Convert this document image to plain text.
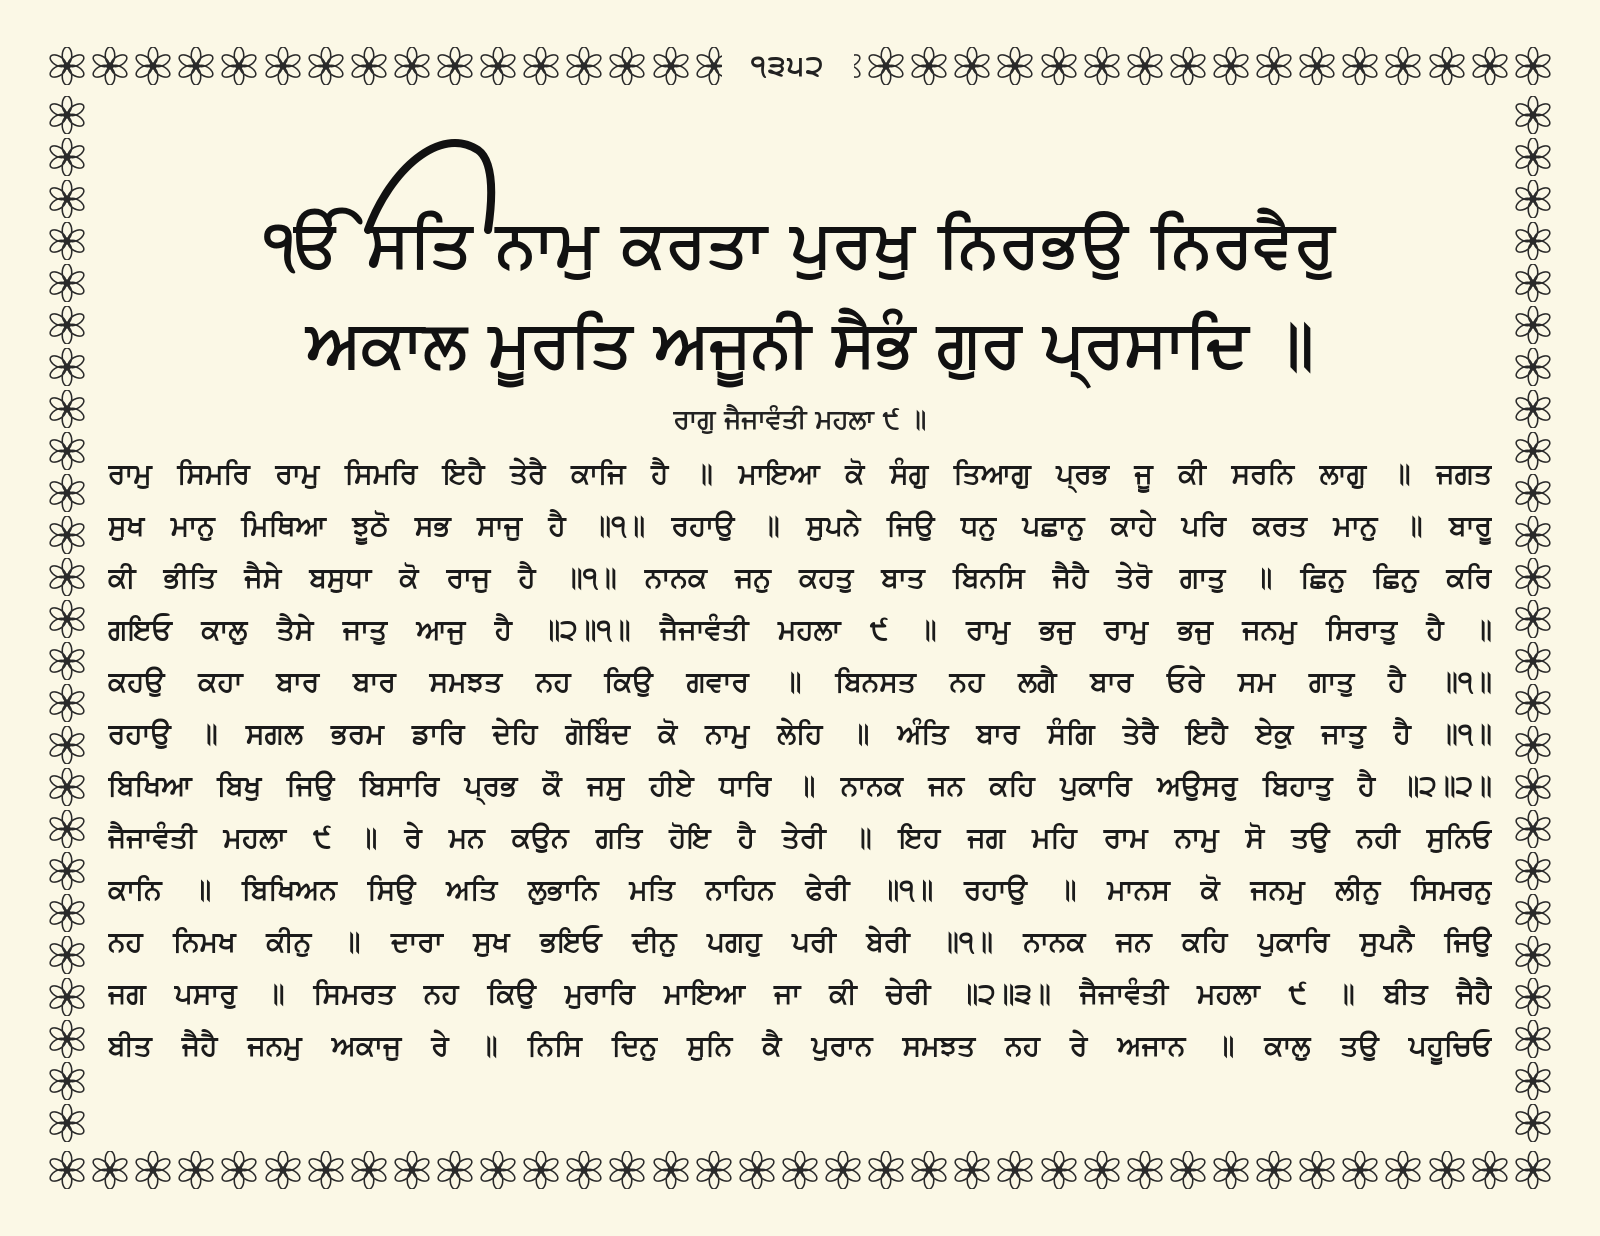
੧੩੫੨
ੴ ਸਤਿ ਨਾਮੁ ਕਰਤਾ ਪੁਰਖੁ ਨਿਰਭਉ ਨਿਰਵੈਰੁ
ਅਕਾਲ ਮੂਰਤਿ ਅਜੂਨੀ ਸੈਭੰ ਗੁਰ ਪ੍ਰਸਾਦਿ ॥
ਰਾਗੁ ਜੈਜਾਵੰਤੀ ਮਹਲਾ ੯ ॥
ਰਾਮੁ ਸਿਮਰਿ ਰਾਮੁ ਸਿਮਰਿ ਇਹੈ ਤੇਰੈ ਕਾਜਿ ਹੈ ॥ ਮਾਇਆ ਕੋ ਸੰਗੁ ਤਿਆਗੁ ਪ੍ਰਭ ਜੂ ਕੀ ਸਰਨਿ ਲਾਗੁ ॥ ਜਗਤ
ਸੁਖ ਮਾਨੁ ਮਿਥਿਆ ਝੂਠੋ ਸਭ ਸਾਜੁ ਹੈ ॥੧॥ ਰਹਾਉ ॥ ਸੁਪਨੇ ਜਿਉ ਧਨੁ ਪਛਾਨੁ ਕਾਹੇ ਪਰਿ ਕਰਤ ਮਾਨੁ ॥ ਬਾਰੂ
ਕੀ ਭੀਤਿ ਜੈਸੇ ਬਸੁਧਾ ਕੋ ਰਾਜੁ ਹੈ ॥੧॥ ਨਾਨਕ ਜਨੁ ਕਹਤੁ ਬਾਤ ਬਿਨਸਿ ਜੈਹੈ ਤੇਰੋ ਗਾਤੁ ॥ ਛਿਨੁ ਛਿਨੁ ਕਰਿ
ਗਇਓ ਕਾਲੁ ਤੈਸੇ ਜਾਤੁ ਆਜੁ ਹੈ ॥੨॥੧॥ ਜੈਜਾਵੰਤੀ ਮਹਲਾ ੯ ॥ ਰਾਮੁ ਭਜੁ ਰਾਮੁ ਭਜੁ ਜਨਮੁ ਸਿਰਾਤੁ ਹੈ ॥
ਕਹਉ ਕਹਾ ਬਾਰ ਬਾਰ ਸਮਝਤ ਨਹ ਕਿਉ ਗਵਾਰ ॥ ਬਿਨਸਤ ਨਹ ਲਗੈ ਬਾਰ ਓਰੇ ਸਮ ਗਾਤੁ ਹੈ ॥੧॥
ਰਹਾਉ ॥ ਸਗਲ ਭਰਮ ਡਾਰਿ ਦੇਹਿ ਗੋਬਿੰਦ ਕੋ ਨਾਮੁ ਲੇਹਿ ॥ ਅੰਤਿ ਬਾਰ ਸੰਗਿ ਤੇਰੈ ਇਹੈ ਏਕੁ ਜਾਤੁ ਹੈ ॥੧॥
ਬਿਖਿਆ ਬਿਖੁ ਜਿਉ ਬਿਸਾਰਿ ਪ੍ਰਭ ਕੌ ਜਸੁ ਹੀਏ ਧਾਰਿ ॥ ਨਾਨਕ ਜਨ ਕਹਿ ਪੁਕਾਰਿ ਅਉਸਰੁ ਬਿਹਾਤੁ ਹੈ ॥੨॥੨॥
ਜੈਜਾਵੰਤੀ ਮਹਲਾ ੯ ॥ ਰੇ ਮਨ ਕਉਨ ਗਤਿ ਹੋਇ ਹੈ ਤੇਰੀ ॥ ਇਹ ਜਗ ਮਹਿ ਰਾਮ ਨਾਮੁ ਸੋ ਤਉ ਨਹੀ ਸੁਨਿਓ
ਕਾਨਿ ॥ ਬਿਖਿਅਨ ਸਿਉ ਅਤਿ ਲੁਭਾਨਿ ਮਤਿ ਨਾਹਿਨ ਫੇਰੀ ॥੧॥ ਰਹਾਉ ॥ ਮਾਨਸ ਕੋ ਜਨਮੁ ਲੀਨੁ ਸਿਮਰਨੁ
ਨਹ ਨਿਮਖ ਕੀਨੁ ॥ ਦਾਰਾ ਸੁਖ ਭਇਓ ਦੀਨੁ ਪਗਹੁ ਪਰੀ ਬੇਰੀ ॥੧॥ ਨਾਨਕ ਜਨ ਕਹਿ ਪੁਕਾਰਿ ਸੁਪਨੈ ਜਿਉ
ਜਗ ਪਸਾਰੁ ॥ ਸਿਮਰਤ ਨਹ ਕਿਉ ਮੁਰਾਰਿ ਮਾਇਆ ਜਾ ਕੀ ਚੇਰੀ ॥੨॥੩॥ ਜੈਜਾਵੰਤੀ ਮਹਲਾ ੯ ॥ ਬੀਤ ਜੈਹੈ
ਬੀਤ ਜੈਹੈ ਜਨਮੁ ਅਕਾਜੁ ਰੇ ॥ ਨਿਸਿ ਦਿਨੁ ਸੁਨਿ ਕੈ ਪੁਰਾਨ ਸਮਝਤ ਨਹ ਰੇ ਅਜਾਨ ॥ ਕਾਲੁ ਤਉ ਪਹੂਚਿਓ
